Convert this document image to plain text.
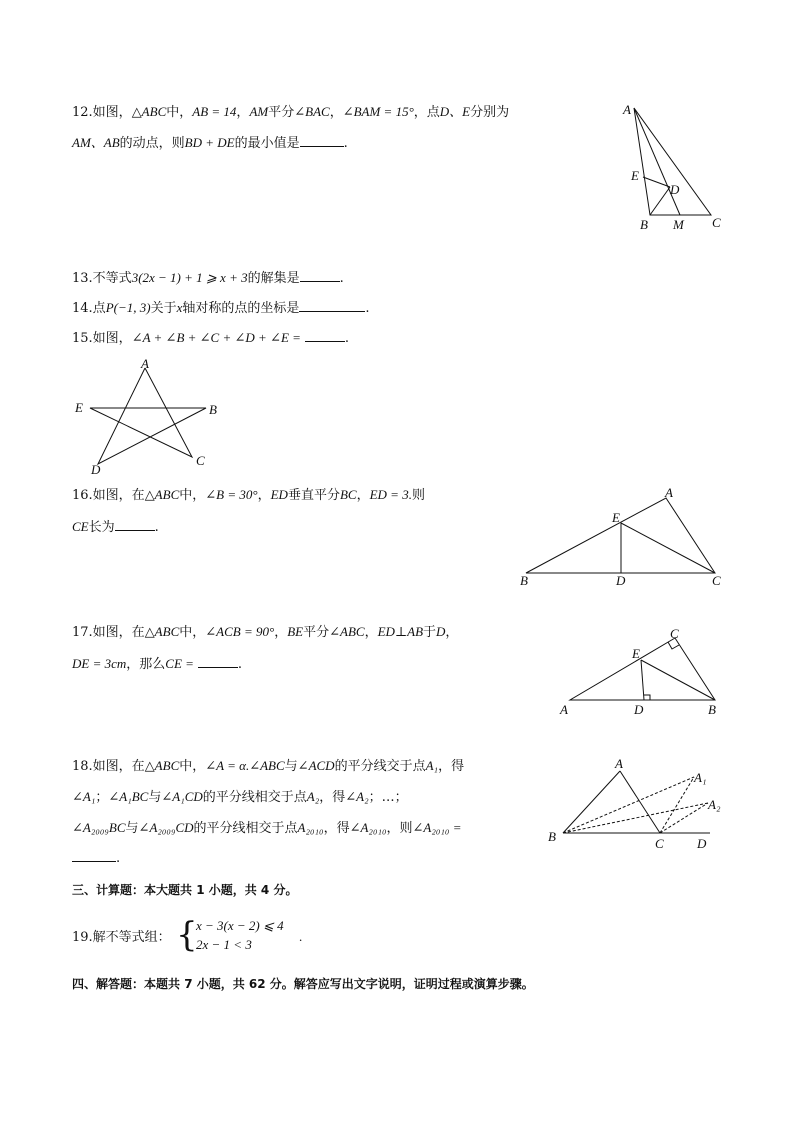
12.如图，△ABC中，AB = 14，AM平分∠BAC，∠BAM = 15°，点D、E分别为
AM、AB的动点，则BD + DE的最小值是	.
A
E
D
B M C
13.不等式3(2x − 1) + 1 ⩾ x + 3的解集是	.
14.点P(−1, 3)关于x轴对称的点的坐标是	.
15.如图，∠A + ∠B + ∠C + ∠D + ∠E =	.
A
E	B
D
C
16.如图，在△ABC中，∠B = 30°，ED垂直平分BC，ED = 3.则
CE长为	.
A
E
B	D	C
17.如图，在△ABC中，∠ACB = 90°，BE平分∠ABC，ED⊥AB于D，
DE = 3cm，那么CE =	.
C
E
A	D	B
18.如图，在△ABC中，∠A = α.∠ABC与∠ACD的平分线交于点A₁，得
∠A₁；∠A₁BC与∠A₁CD的平分线相交于点A₂，得∠A₂；…；
∠A₂₀₀₉BC与∠A₂₀₀₉CD的平分线相交于点A₂₀₁₀，得∠A₂₀₁₀，则∠A₂₀₁₀ =
.
A
A₁
A₂
B	C	D
三、计算题：本大题共 1 小题，共 4 分。
19.解不等式组： {
x − 3(x − 2) ⩽ 4
2x − 1 < 3
.
四、解答题：本题共 7 小题，共 62 分。解答应写出文字说明，证明过程或演算步骤。
